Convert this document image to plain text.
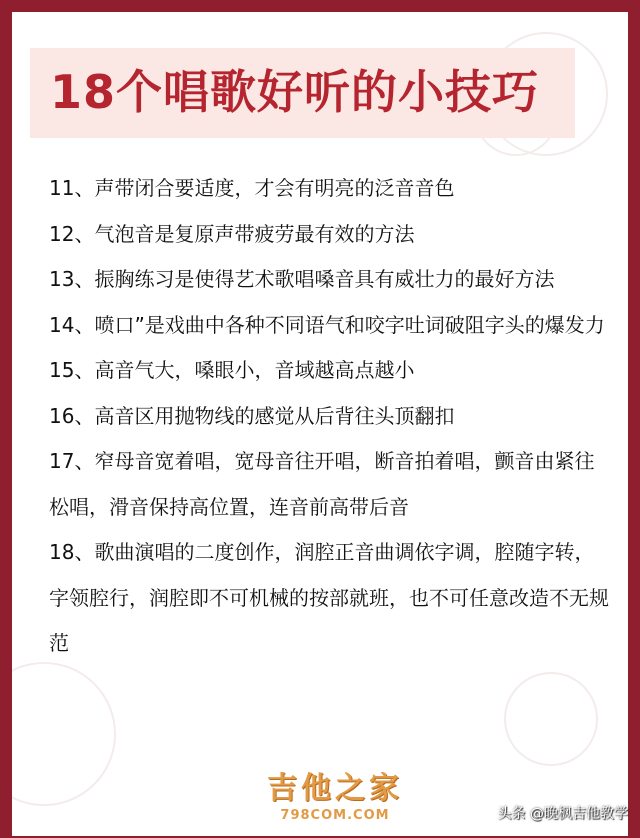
18个唱歌好听的小技巧

11、声带闭合要适度，才会有明亮的泛音音色

12、气泡音是复原声带疲劳最有效的方法

13、振胸练习是使得艺术歌唱嗓音具有威壮力的最好方法

14、喷口”是戏曲中各种不同语气和咬字吐词破阻字头的爆发力

15、高音气大，嗓眼小，音域越高点越小

16、高音区用抛物线的感觉从后背往头顶翻扣

17、窄母音宽着唱，宽母音往开唱，断音拍着唱，颤音由紧往松唱，滑音保持高位置，连音前高带后音

18、歌曲演唱的二度创作，润腔正音曲调依字调，腔随字转，字领腔行，润腔即不可机械的按部就班，也不可任意改造不无规范

吉他之家
798COM.COM	头条 @晚枫吉他教学
